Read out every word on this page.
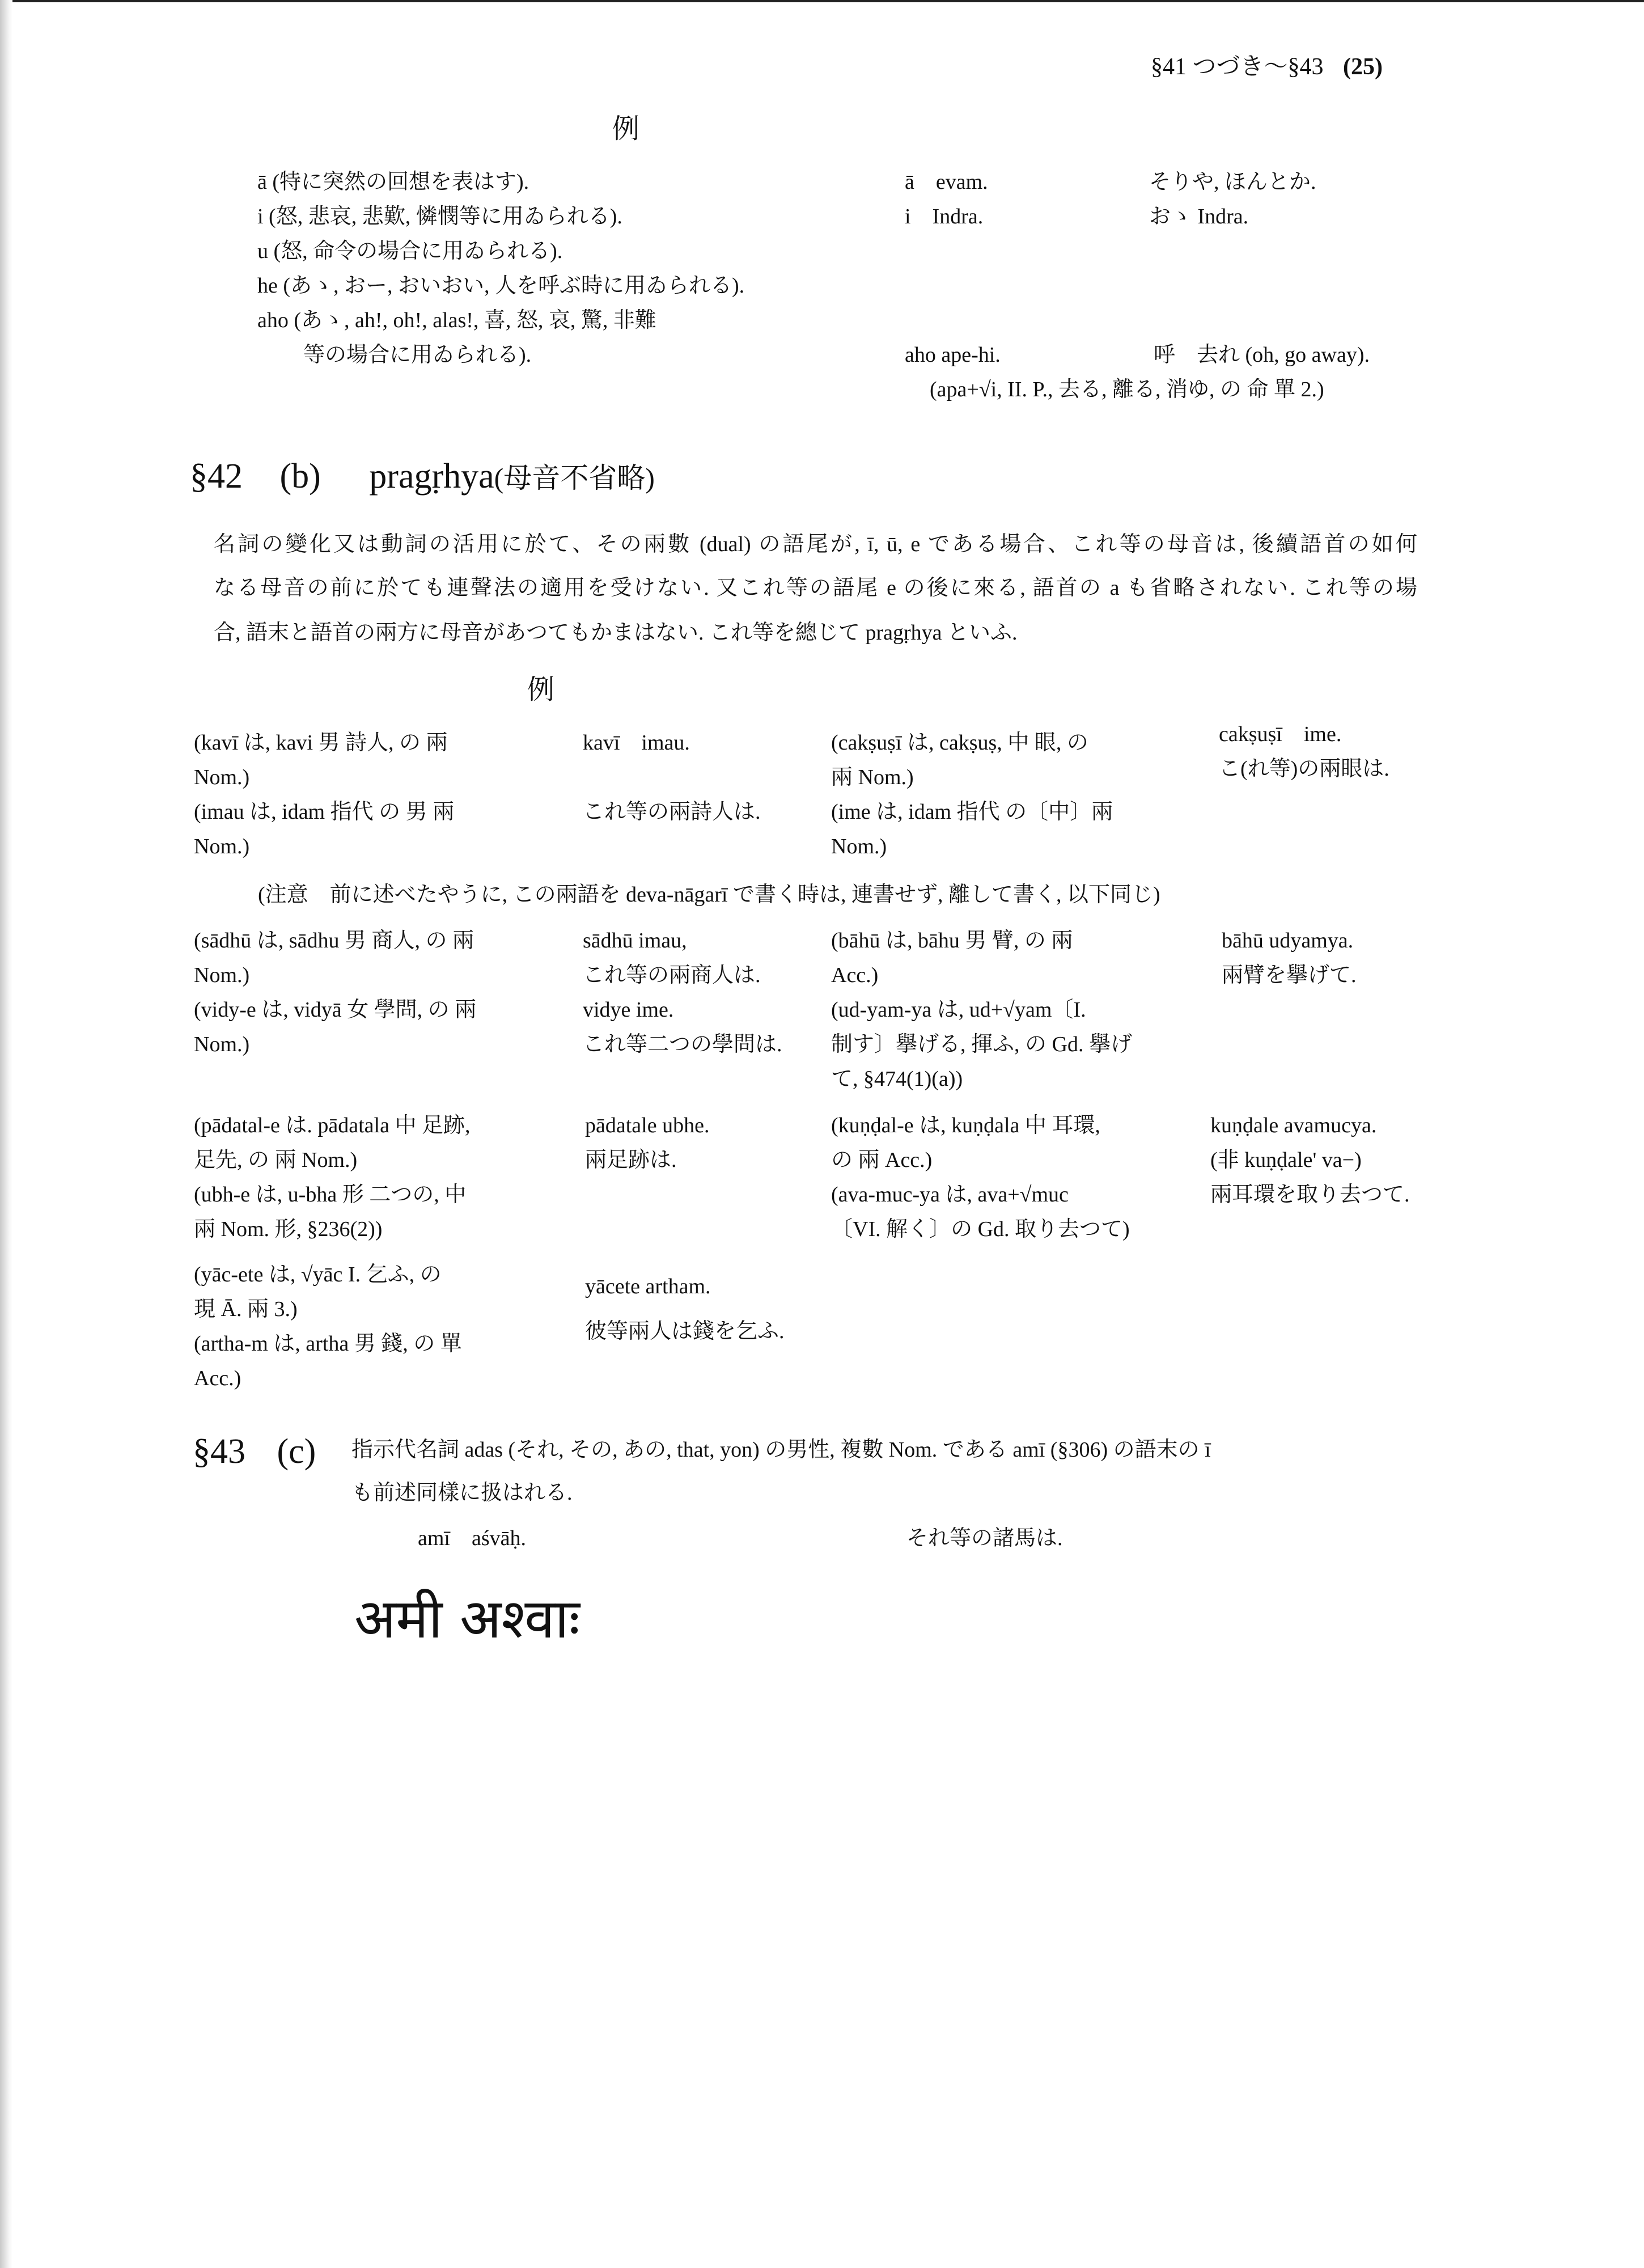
§41 つづき～§43 (25)
例
ā (特に突然の回想を表はす).
i (怒, 悲哀, 悲歎, 憐憫等に用ゐられる).
u (怒, 命令の場合に用ゐられる).
he (あゝ, おー, おいおい, 人を呼ぶ時に用ゐられる).
aho (あゝ, ah!, oh!, alas!, 喜, 怒, 哀, 驚, 非難
等の場合に用ゐられる).
ā　evam.
i　Indra.
aho ape-hi.
そりや, ほんとか.
おゝ Indra.
呼　去れ (oh, go away).
(apa+√i, II. P., 去る, 離る, 消ゆ, の 命 單 2.)
§42 (b) pragṛhya(母音不省略)
名詞の變化又は動詞の活用に於て、その兩數 (dual) の語尾が, ī, ū, e である場合、これ等の母音は, 後續語首の如何
なる母音の前に於ても連聲法の適用を受けない. 又これ等の語尾 e の後に來る, 語首の a も省略されない. これ等の場
合, 語末と語首の兩方に母音があつてもかまはない. これ等を總じて pragṛhya といふ.
例
(kavī は, kavi 男 詩人, の 兩
Nom.)
(imau は, idam 指代 の 男 兩
Nom.)
kavī　imau.
これ等の兩詩人は.
(cakṣuṣī は, cakṣuṣ, 中 眼, の
兩 Nom.)
(ime は, idam 指代 の〔中〕兩
Nom.)
cakṣuṣī　ime.
こ(れ等)の兩眼は.
(注意　前に述べたやうに, この兩語を deva-nāgarī で書く時は, 連書せず, 離して書く, 以下同じ)
(sādhū は, sādhu 男 商人, の 兩
Nom.)
(vidy-e は, vidyā 女 學問, の 兩
Nom.)
sādhū imau,
これ等の兩商人は.
vidye ime.
これ等二つの學問は.
(bāhū は, bāhu 男 臂, の 兩
Acc.)
(ud-yam-ya は, ud+√yam〔I.
制す〕擧げる, 揮ふ, の Gd. 擧げ
て, §474(1)(a))
bāhū udyamya.
兩臂を擧げて.
(pādatal-e は. pādatala 中 足跡,
足先, の 兩 Nom.)
(ubh-e は, u-bha 形 二つの, 中
兩 Nom. 形, §236(2))
pādatale ubhe.
兩足跡は.
(kuṇḍal-e は, kuṇḍala 中 耳環,
の 兩 Acc.)
(ava-muc-ya は, ava+√muc
〔VI. 解く〕の Gd. 取り去つて)
kuṇḍale avamucya.
(非 kuṇḍale' va−)
兩耳環を取り去つて.
(yāc-ete は, √yāc I. 乞ふ, の
現 Ā. 兩 3.)
(artha-m は, artha 男 錢, の 單
Acc.)
yācete artham.
彼等兩人は錢を乞ふ.
§43 (c) 指示代名詞 adas (それ, その, あの, that, yon) の男性, 複數 Nom. である amī (§306) の語末の ī
も前述同樣に扱はれる.
amī　aśvāḥ.	それ等の諸馬は.
अमी अश्वाः
